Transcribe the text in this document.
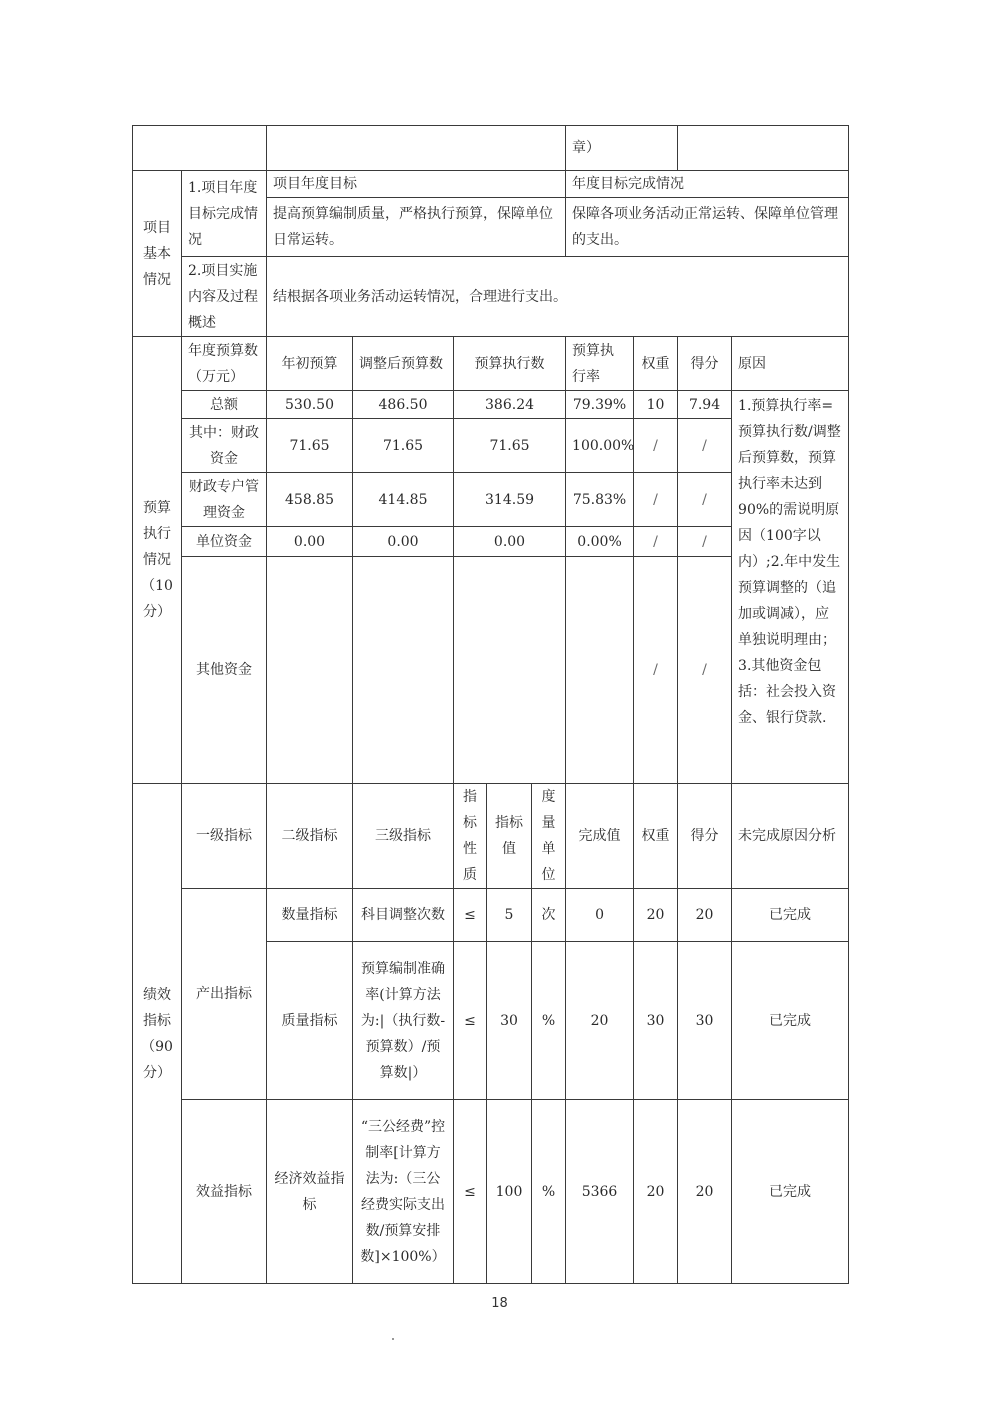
							章）			
项目基本情况	1.项目年度目标完成情况	项目年度目标					年度目标完成情况			
		提高预算编制质量，严格执行预算，保障单位日常运转。					保障各项业务活动正常运转、保障单位管理的支出。			
	2.项目实施内容及过程概述	结根据各项业务活动运转情况，合理进行支出。								
预算执行情况（10分）	年度预算数（万元）	年初预算	调整后预算数	预算执行数			预算执行率	权重	得分	原因
	总额	530.50	486.50	386.24			79.39%	10	7.94	1.预算执行率=预算执行数/调整后预算数，预算执行率未达到90%的需说明原因（100字以内）;2.年中发生预算调整的（追加或调减），应单独说明理由；3.其他资金包括：社会投入资金、银行贷款.
	其中：财政资金	71.65	71.65	71.65			100.00%	/	/	
	财政专户管理资金	458.85	414.85	314.59			75.83%	/	/	
	单位资金	0.00	0.00	0.00			0.00%	/	/	
	其他资金							/	/	
绩效指标（90分）	一级指标	二级指标	三级指标	指标性质	指标值	度量单位	完成值	权重	得分	未完成原因分析
	产出指标	数量指标	科目调整次数	≤	5	次	0	20	20	已完成
		质量指标	预算编制准确率(计算方法为:|（执行数-预算数）/预算数|）	≤	30	%	20	30	30	已完成
	效益指标	经济效益指标	“三公经费”控制率[计算方法为:（三公经费实际支出数/预算安排数]×100%）	≤	100	%	5366	20	20	已完成
18
